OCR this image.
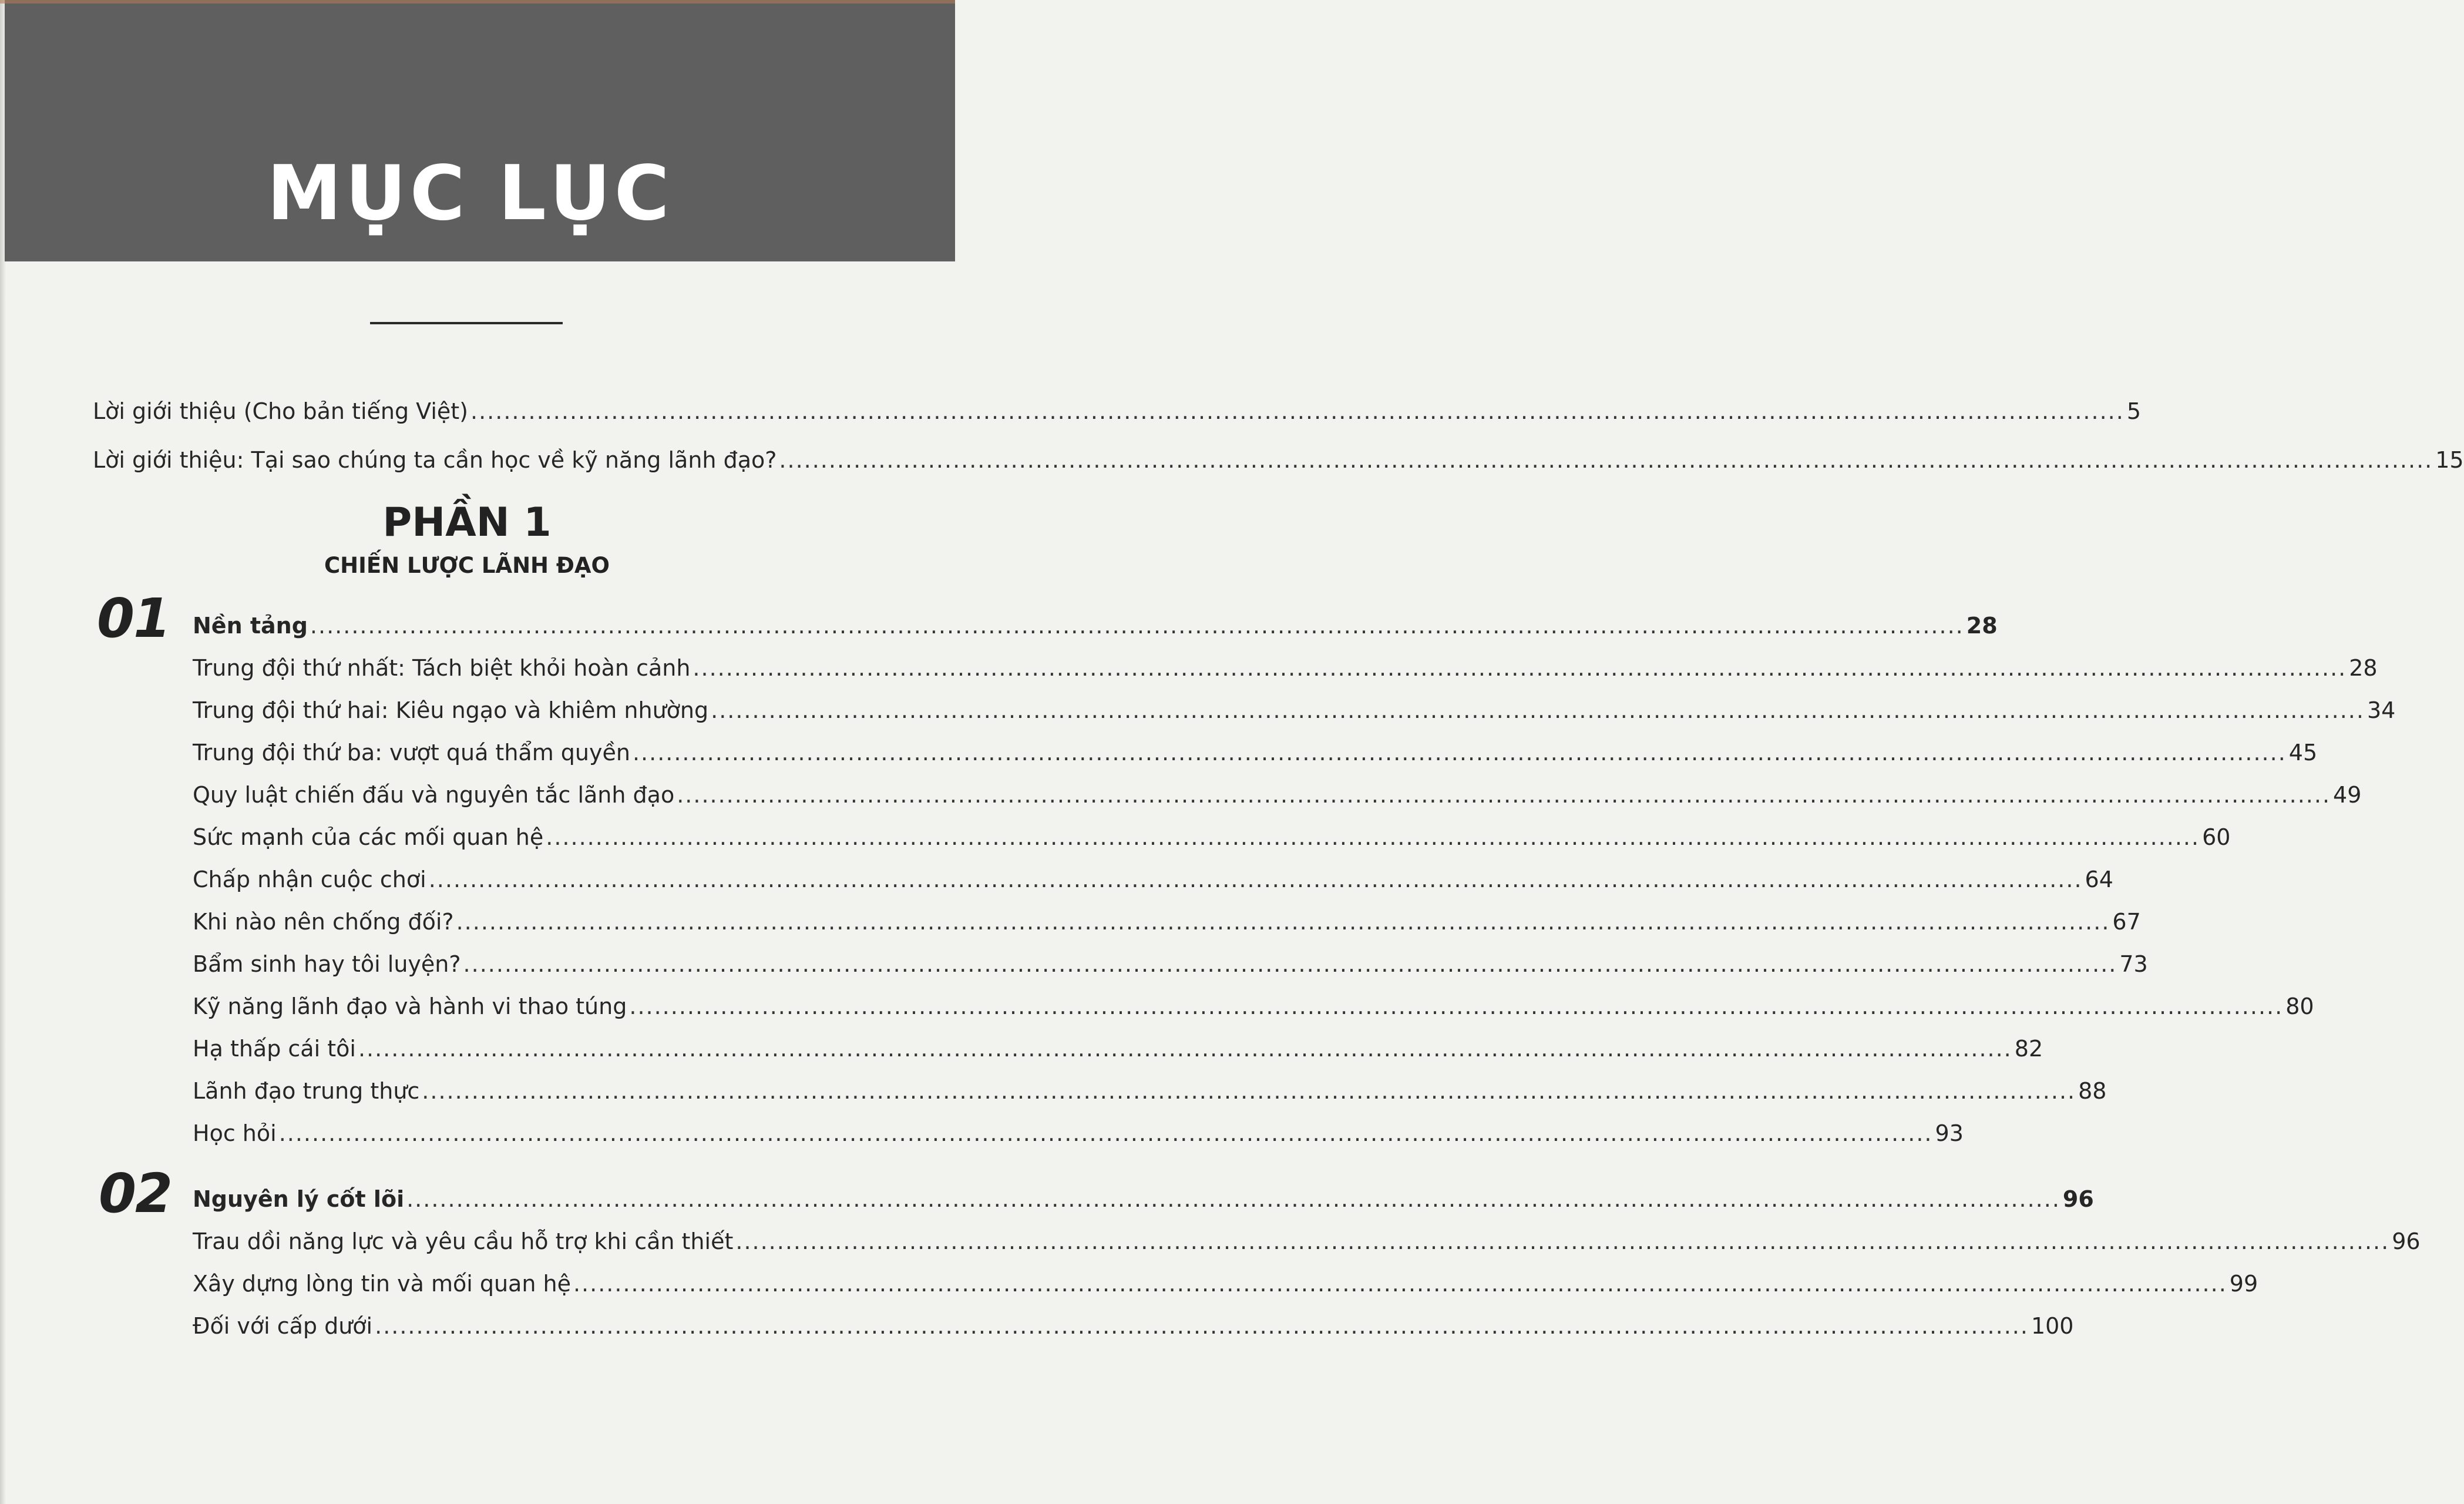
MỤC LỤC
Lời giới thiệu (Cho bản tiếng Việt) ........................................................................................................................................................................................................ 5
Lời giới thiệu: Tại sao chúng ta cần học về kỹ năng lãnh đạo? ........................................................................................................................................................................................................ 15
PHẦN 1
CHIẾN LƯỢC LÃNH ĐẠO
01 Nền tảng ........................................................................................................................................................................................................ 28
Trung đội thứ nhất: Tách biệt khỏi hoàn cảnh ........................................................................................................................................................................................................ 28
Trung đội thứ hai: Kiêu ngạo và khiêm nhường ........................................................................................................................................................................................................ 34
Trung đội thứ ba: vượt quá thẩm quyền ........................................................................................................................................................................................................ 45
Quy luật chiến đấu và nguyên tắc lãnh đạo ........................................................................................................................................................................................................ 49
Sức mạnh của các mối quan hệ ........................................................................................................................................................................................................ 60
Chấp nhận cuộc chơi ........................................................................................................................................................................................................ 64
Khi nào nên chống đối? ........................................................................................................................................................................................................ 67
Bẩm sinh hay tôi luyện? ........................................................................................................................................................................................................ 73
Kỹ năng lãnh đạo và hành vi thao túng ........................................................................................................................................................................................................ 80
Hạ thấp cái tôi ........................................................................................................................................................................................................ 82
Lãnh đạo trung thực ........................................................................................................................................................................................................ 88
Học hỏi ........................................................................................................................................................................................................ 93
02 Nguyên lý cốt lõi ........................................................................................................................................................................................................ 96
Trau dồi năng lực và yêu cầu hỗ trợ khi cần thiết ........................................................................................................................................................................................................ 96
Xây dựng lòng tin và mối quan hệ ........................................................................................................................................................................................................ 99
Đối với cấp dưới ........................................................................................................................................................................................................ 100
